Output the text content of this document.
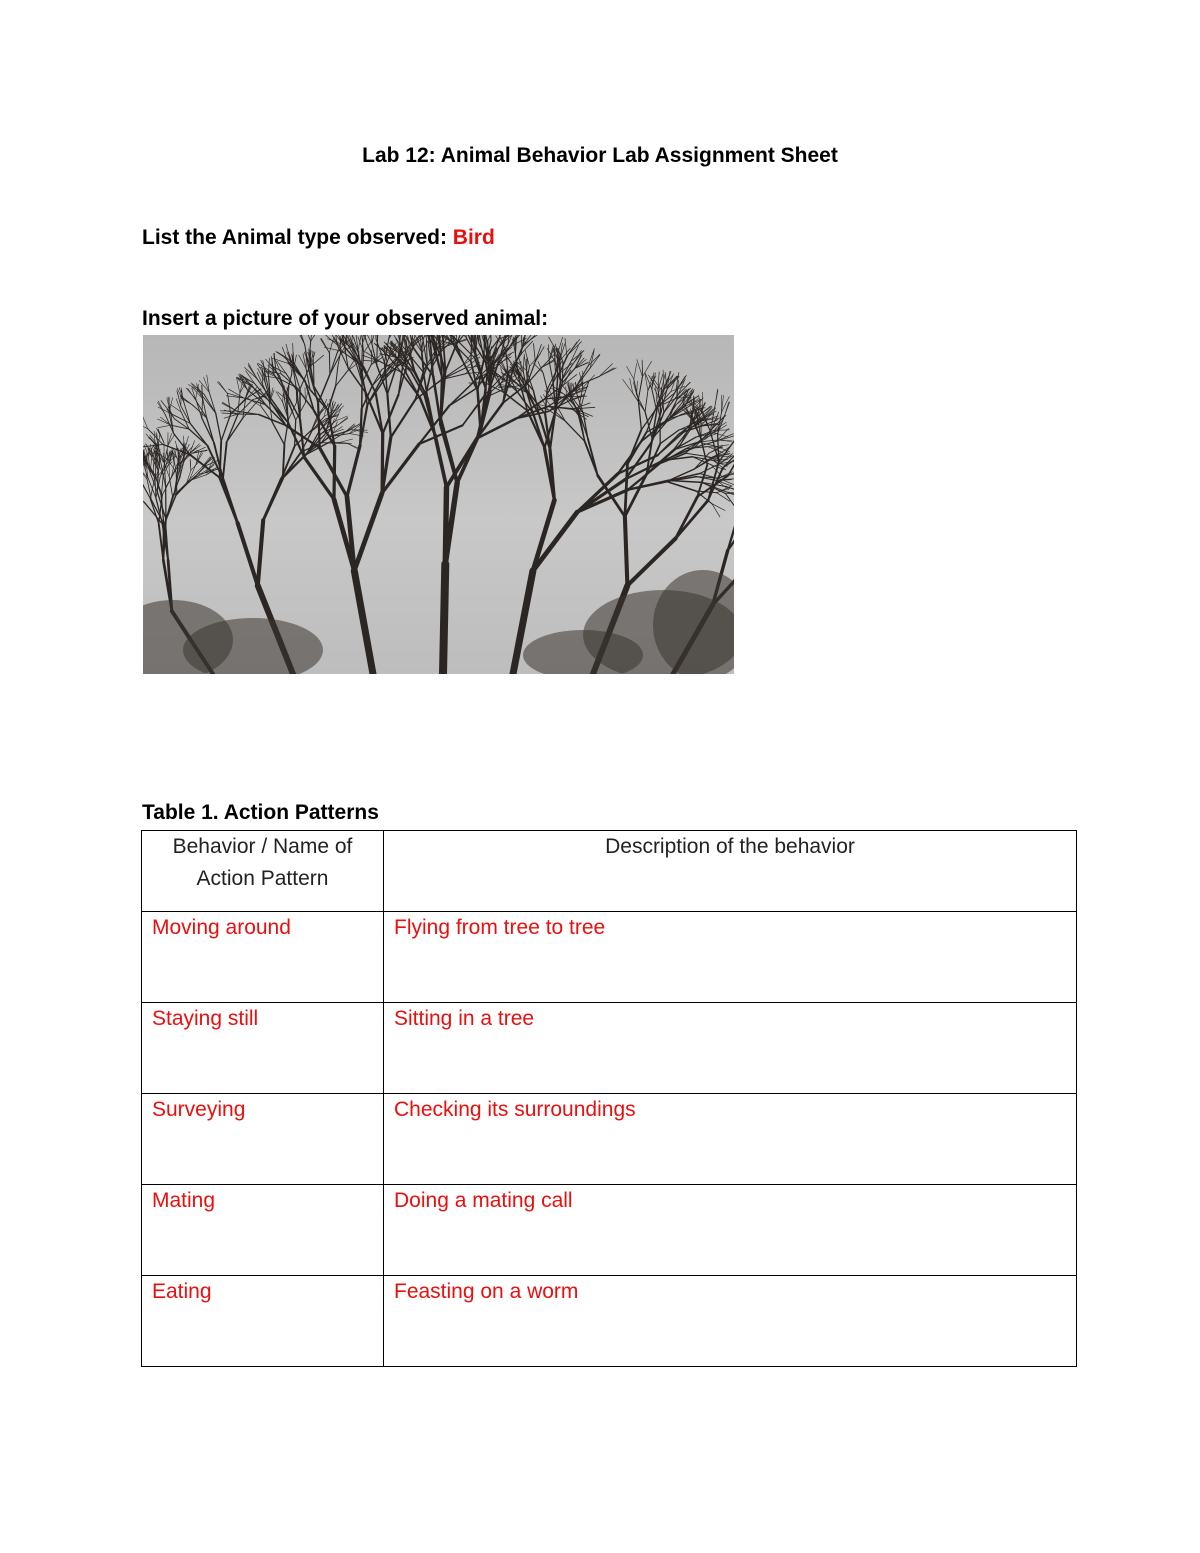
Lab 12: Animal Behavior Lab Assignment Sheet
List the Animal type observed: Bird
Insert a picture of your observed animal:
Table 1. Action Patterns
Behavior / Name of Action Pattern	Description of the behavior
Moving around	Flying from tree to tree
Staying still	Sitting in a tree
Surveying	Checking its surroundings
Mating	Doing a mating call
Eating	Feasting on a worm
